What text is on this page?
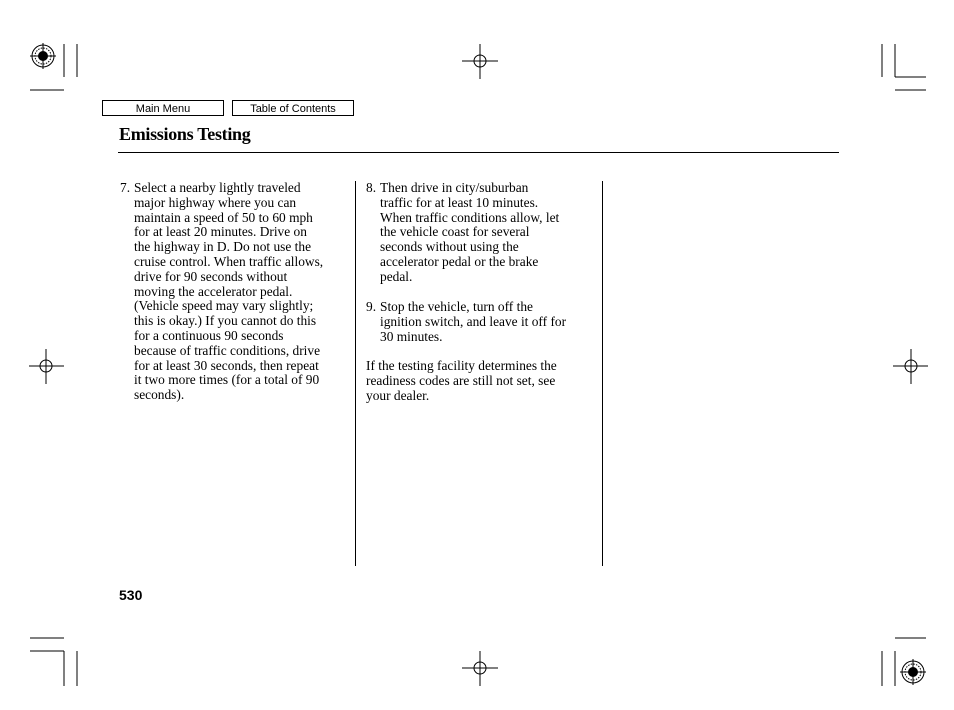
Main Menu	Table of Contents
Emissions Testing
7. Select a nearby lightly traveled
major highway where you can
maintain a speed of 50 to 60 mph
for at least 20 minutes. Drive on
the highway in D. Do not use the
cruise control. When traffic allows,
drive for 90 seconds without
moving the accelerator pedal.
(Vehicle speed may vary slightly;
this is okay.) If you cannot do this
for a continuous 90 seconds
because of traffic conditions, drive
for at least 30 seconds, then repeat
it two more times (for a total of 90
seconds).
8. Then drive in city/suburban
traffic for at least 10 minutes.
When traffic conditions allow, let
the vehicle coast for several
seconds without using the
accelerator pedal or the brake
pedal.
9. Stop the vehicle, turn off the
ignition switch, and leave it off for
30 minutes.
If the testing facility determines the
readiness codes are still not set, see
your dealer.
530
